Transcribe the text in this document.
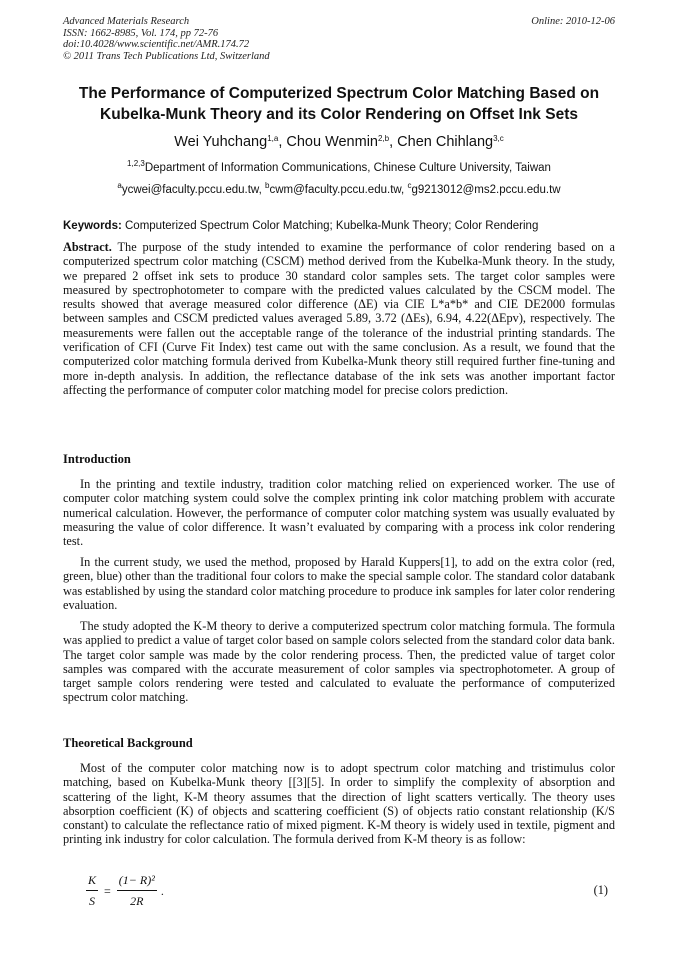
Advanced Materials Research
ISSN: 1662-8985, Vol. 174, pp 72-76
doi:10.4028/www.scientific.net/AMR.174.72
© 2011 Trans Tech Publications Ltd, Switzerland
Online: 2010-12-06
The Performance of Computerized Spectrum Color Matching Based on
Kubelka-Munk Theory and its Color Rendering on Offset Ink Sets
Wei Yuhchang$^{1,a}$, Chou Wenmin$^{2,b}$, Chen Chihlang$^{3,c}$
$^{1,2,3}$Department of Information Communications, Chinese Culture University, Taiwan
$^a$ycwei@faculty.pccu.edu.tw, $^b$cwm@faculty.pccu.edu.tw, $^c$g9213012@ms2.pccu.edu.tw
Keywords: Computerized Spectrum Color Matching; Kubelka-Munk Theory; Color Rendering
Abstract. The purpose of the study intended to examine the performance of color rendering based on a computerized spectrum color matching (CSCM) method derived from the Kubelka-Munk theory. In the study, we prepared 2 offset ink sets to produce 30 standard color samples sets. The target color samples were measured by spectrophotometer to compare with the predicted values calculated by the CSCM model. The results showed that average measured color difference (ΔE) via CIE L*a*b* and CIE DE2000 formulas between samples and CSCM predicted values averaged 5.89, 3.72 (ΔEs), 6.94, 4.22(ΔEpv), respectively. The measurements were fallen out the acceptable range of the tolerance of the industrial printing standards. The verification of CFI (Curve Fit Index) test came out with the same conclusion. As a result, we found that the computerized color matching formula derived from Kubelka-Munk theory still required further fine-tuning and more in-depth analysis. In addition, the reflectance database of the ink sets was another important factor affecting the performance of computer color matching model for precise colors prediction.
Introduction
In the printing and textile industry, tradition color matching relied on experienced worker. The use of computer color matching system could solve the complex printing ink color matching problem with accurate numerical calculation. However, the performance of computer color matching system was usually evaluated by measuring the value of color difference. It wasn’t evaluated by comparing with a process ink color rendering test.
In the current study, we used the method, proposed by Harald Kuppers[1], to add on the extra color (red, green, blue) other than the traditional four colors to make the special sample color. The standard color databank was established by using the standard color matching procedure to produce ink samples for later color rendering evaluation.
The study adopted the K-M theory to derive a computerized spectrum color matching formula. The formula was applied to predict a value of target color based on sample colors selected from the standard color data bank. The target color sample was made by the color rendering process. Then, the predicted value of target color samples was compared with the accurate measurement of color samples via spectrophotometer. A group of target sample colors rendering were tested and calculated to evaluate the performance of computerized spectrum color matching.
Theoretical Background
Most of the computer color matching now is to adopt spectrum color matching and tristimulus color matching, based on Kubelka-Munk theory [[3][5]. In order to simplify the complexity of absorption and scattering of the light, K-M theory assumes that the direction of light scatters vertically. The theory uses absorption coefficient (K) of objects and scattering coefficient (S) of objects ratio constant relationship (K/S constant) to calculate the reflectance ratio of mixed pigment. K-M theory is widely used in textile, pigment and printing ink industry for color calculation. The formula derived from K-M theory is as follow:
$\frac{K}{S} = \frac{\text{(1− R)²}}{2R}$ .	(1)
